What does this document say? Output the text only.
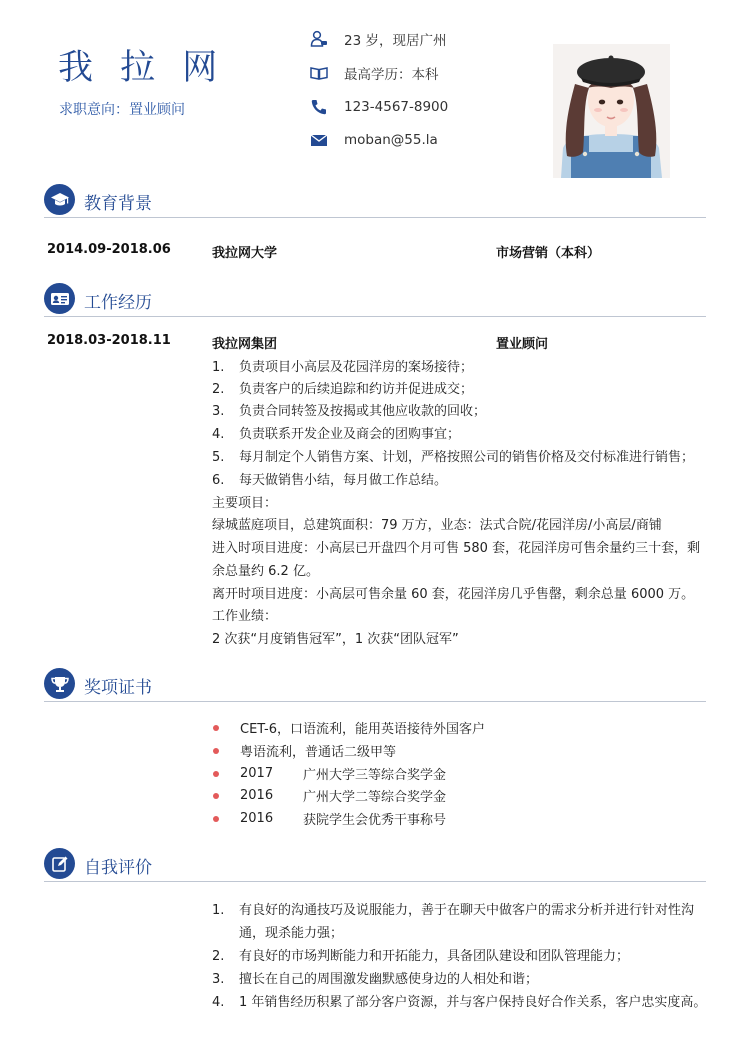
我 拉 网
求职意向：置业顾问
23 岁，现居广州
最高学历：本科
123-4567-8900
moban@55.la
教育背景
2014.09-2018.06	我拉网大学	市场营销（本科）
工作经历
2018.03-2018.11	我拉网集团	置业顾问
1. 负责项目小高层及花园洋房的案场接待；
2. 负责客户的后续追踪和约访并促进成交；
3. 负责合同转签及按揭或其他应收款的回收；
4. 负责联系开发企业及商会的团购事宜；
5. 每月制定个人销售方案、计划，严格按照公司的销售价格及交付标准进行销售；
6. 每天做销售小结，每月做工作总结。
主要项目：
绿城蓝庭项目，总建筑面积：79 万方，业态：法式合院/花园洋房/小高层/商铺
进入时项目进度：小高层已开盘四个月可售 580 套，花园洋房可售余量约三十套，剩
余总量约 6.2 亿。
离开时项目进度：小高层可售余量 60 套，花园洋房几乎售罄，剩余总量 6000 万。
工作业绩：
2 次获“月度销售冠军”，1 次获“团队冠军”
奖项证书
CET-6，口语流利，能用英语接待外国客户
粤语流利，普通话二级甲等
2017	广州大学三等综合奖学金
2016	广州大学二等综合奖学金
2016	获院学生会优秀干事称号
自我评价
1. 有良好的沟通技巧及说服能力，善于在聊天中做客户的需求分析并进行针对性沟
通，现杀能力强；
2. 有良好的市场判断能力和开拓能力，具备团队建设和团队管理能力；
3. 擅长在自己的周围激发幽默感使身边的人相处和谐；
4. 1 年销售经历积累了部分客户资源，并与客户保持良好合作关系，客户忠实度高。
